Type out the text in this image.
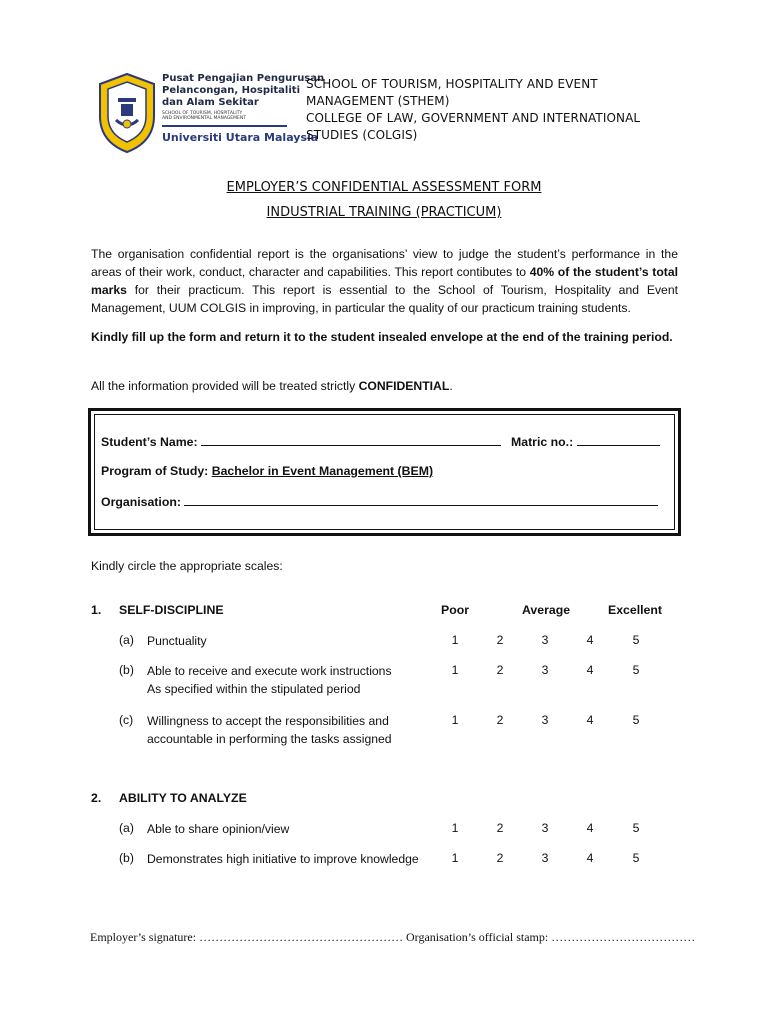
Pusat Pengajian Pengurusan
Pelancongan, Hospitaliti
dan Alam Sekitar
SCHOOL OF TOURISM, HOSPITALITY
AND ENVIRONMENTAL MANAGEMENT
Universiti Utara Malaysia
SCHOOL OF TOURISM, HOSPITALITY AND EVENT
MANAGEMENT (STHEM)
COLLEGE OF LAW, GOVERNMENT AND INTERNATIONAL
STUDIES (COLGIS)
EMPLOYER’S CONFIDENTIAL ASSESSMENT FORM
INDUSTRIAL TRAINING (PRACTICUM)
The organisation confidential report is the organisations’ view to judge the student’s performance in the areas of their work, conduct, character and capabilities. This report contibutes to 40% of the student’s total marks for their practicum. This report is essential to the School of Tourism, Hospitality and Event Management, UUM COLGIS in improving, in particular the quality of our practicum training students.
Kindly fill up the form and return it to the student insealed envelope at the end of the training period.
All the information provided will be treated strictly CONFIDENTIAL.
Student’s Name:	Matric no.:
Program of Study: Bachelor in Event Management (BEM)
Organisation:
Kindly circle the appropriate scales:
1. SELF-DISCIPLINE	Poor	Average	Excellent
(a) Punctuality	1	2	3	4	5
(b) Able to receive and execute work instructions
As specified within the stipulated period
1	2	3	4	5
(c) Willingness to accept the responsibilities and
accountable in performing the tasks assigned
1	2	3	4	5
2. ABILITY TO ANALYZE
(a) Able to share opinion/view	1	2	3	4	5
(b) Demonstrates high initiative to improve knowledge	1	2	3	4	5
Employer’s signature: …………………………………………… Organisation’s official stamp: ………………………………
